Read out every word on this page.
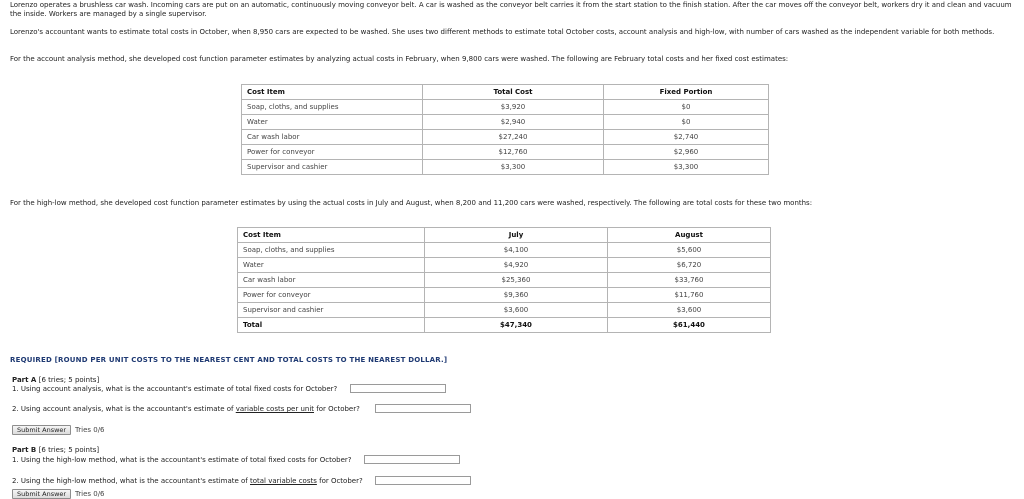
Lorenzo operates a brushless car wash. Incoming cars are put on an automatic, continuously moving conveyor belt. A car is washed as the conveyor belt carries it from the start station to the finish station. After the car moves off the conveyor belt, workers dry it and clean and vacuum the inside. Workers are managed by a single supervisor.

Lorenzo's accountant wants to estimate total costs in October, when 8,950 cars are expected to be washed. She uses two different methods to estimate total October costs, account analysis and high-low, with number of cars washed as the independent variable for both methods.

For the account analysis method, she developed cost function parameter estimates by analyzing actual costs in February, when 9,800 cars were washed. The following are February total costs and her fixed cost estimates:

Cost Item	Total Cost	Fixed Portion
Soap, cloths, and supplies	$3,920	$0
Water	$2,940	$0
Car wash labor	$27,240	$2,740
Power for conveyor	$12,760	$2,960
Supervisor and cashier	$3,300	$3,300

For the high-low method, she developed cost function parameter estimates by using the actual costs in July and August, when 8,200 and 11,200 cars were washed, respectively. The following are total costs for these two months:

Cost Item	July	August
Soap, cloths, and supplies	$4,100	$5,600
Water	$4,920	$6,720
Car wash labor	$25,360	$33,760
Power for conveyor	$9,360	$11,760
Supervisor and cashier	$3,600	$3,600
Total	$47,340	$61,440
REQUIRED [ROUND PER UNIT COSTS TO THE NEAREST CENT AND TOTAL COSTS TO THE NEAREST DOLLAR.]
Part A [6 tries; 5 points]
1. Using account analysis, what is the accountant's estimate of total fixed costs for October?
2. Using account analysis, what is the accountant's estimate of variable costs per unit for October?
Submit Answer	Tries 0/6
Part B [6 tries; 5 points]
1. Using the high-low method, what is the accountant's estimate of total fixed costs for October?
2. Using the high-low method, what is the accountant's estimate of total variable costs for October?
Submit Answer	Tries 0/6
